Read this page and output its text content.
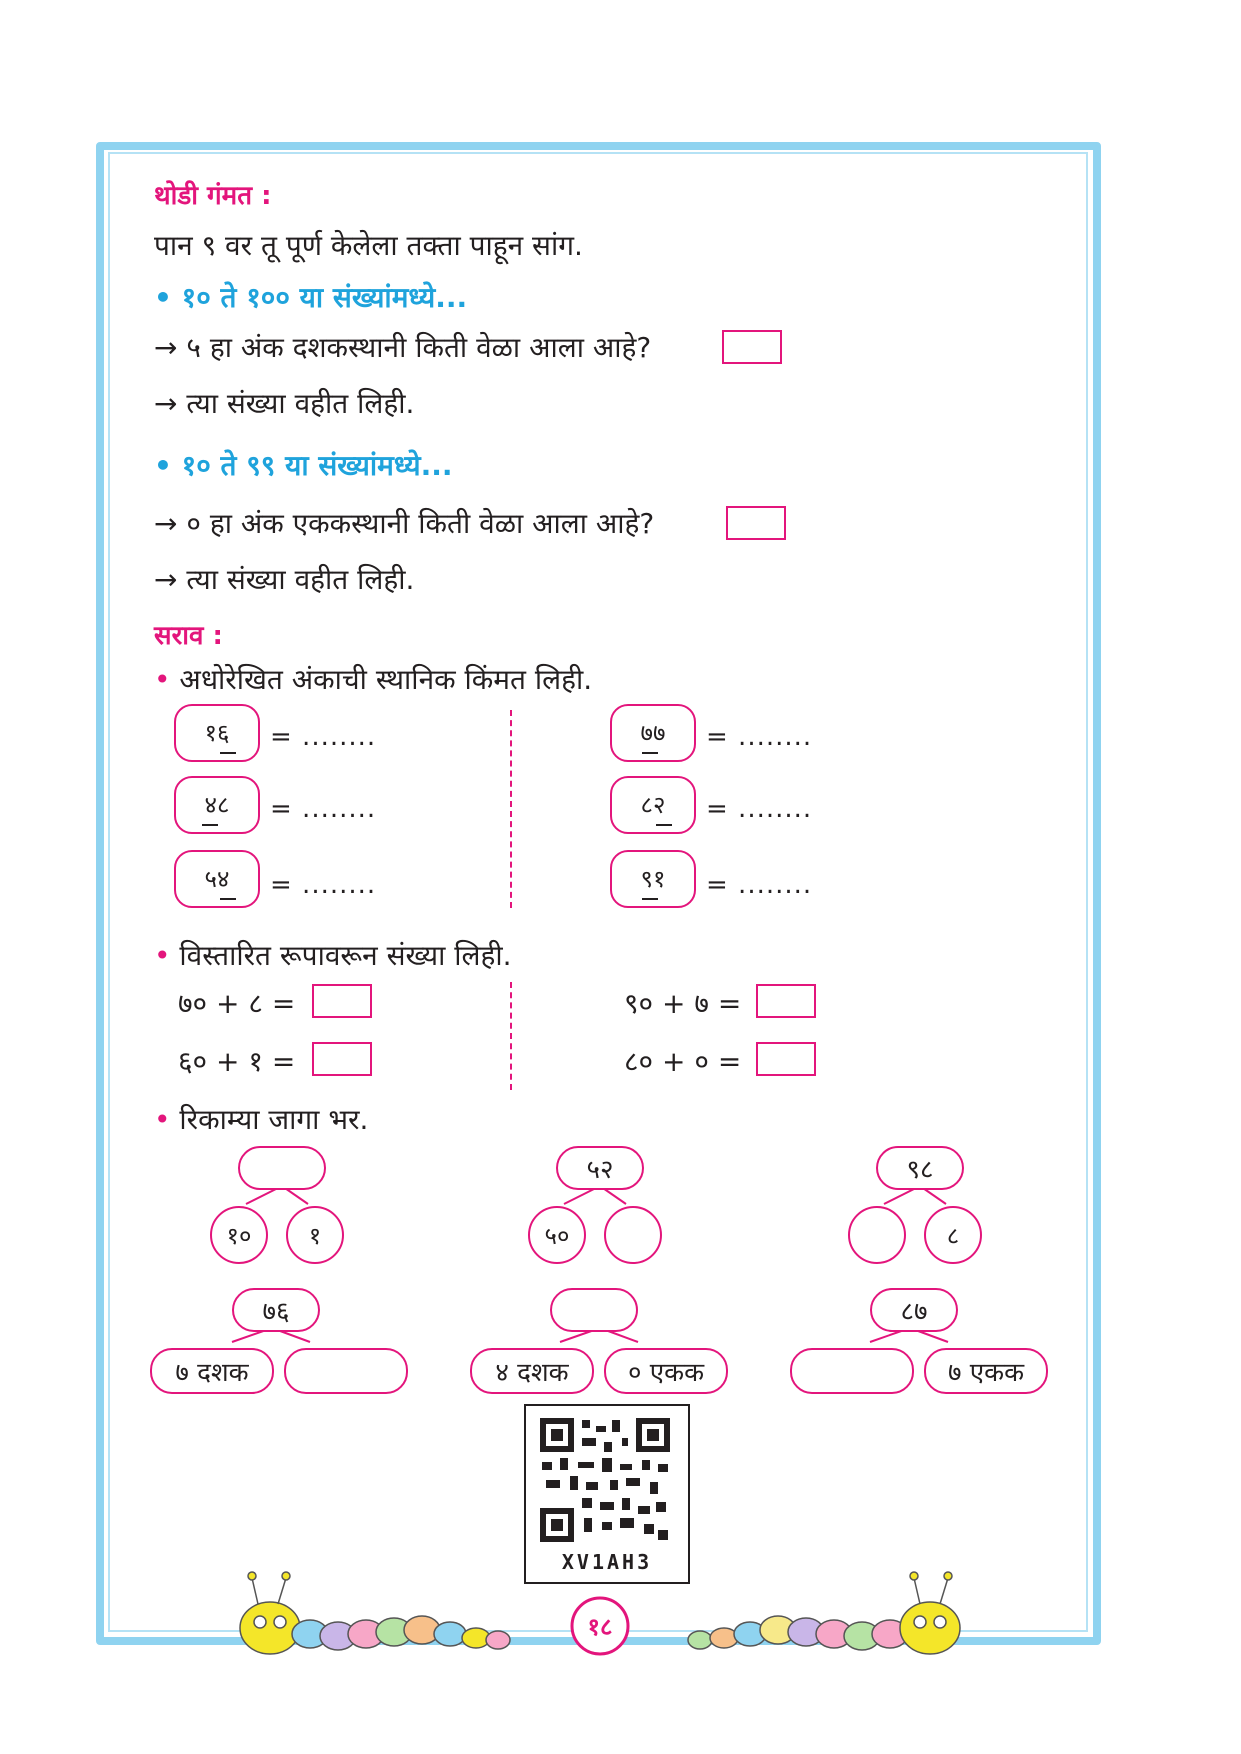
थोडी गंमत :
पान ९ वर तू पूर्ण केलेला तक्ता पाहून सांग.
• १० ते १०० या संख्यांमध्ये...
→ ५ हा अंक दशकस्थानी किती वेळा आला आहे?
→ त्या संख्या वहीत लिही.
• १० ते ९९ या संख्यांमध्ये...
→ ० हा अंक एककस्थानी किती वेळा आला आहे?
→ त्या संख्या वहीत लिही.
सराव :
• अधोरेखित अंकाची स्थानिक किंमत लिही.
१६	= ........
४८	= ........
५४	= ........
७७	= ........
८२	= ........
९१	= ........
• विस्तारित रूपावरून संख्या लिही.
७० + ८ =
६० + १ =
९० + ७ =
८० + ० =
• रिकाम्या जागा भर.
१०	१
५२
५०
९८
८
७६
७ दशक	४ दशक	० एकक
८७
७ एकक
XV1AH3
१८
